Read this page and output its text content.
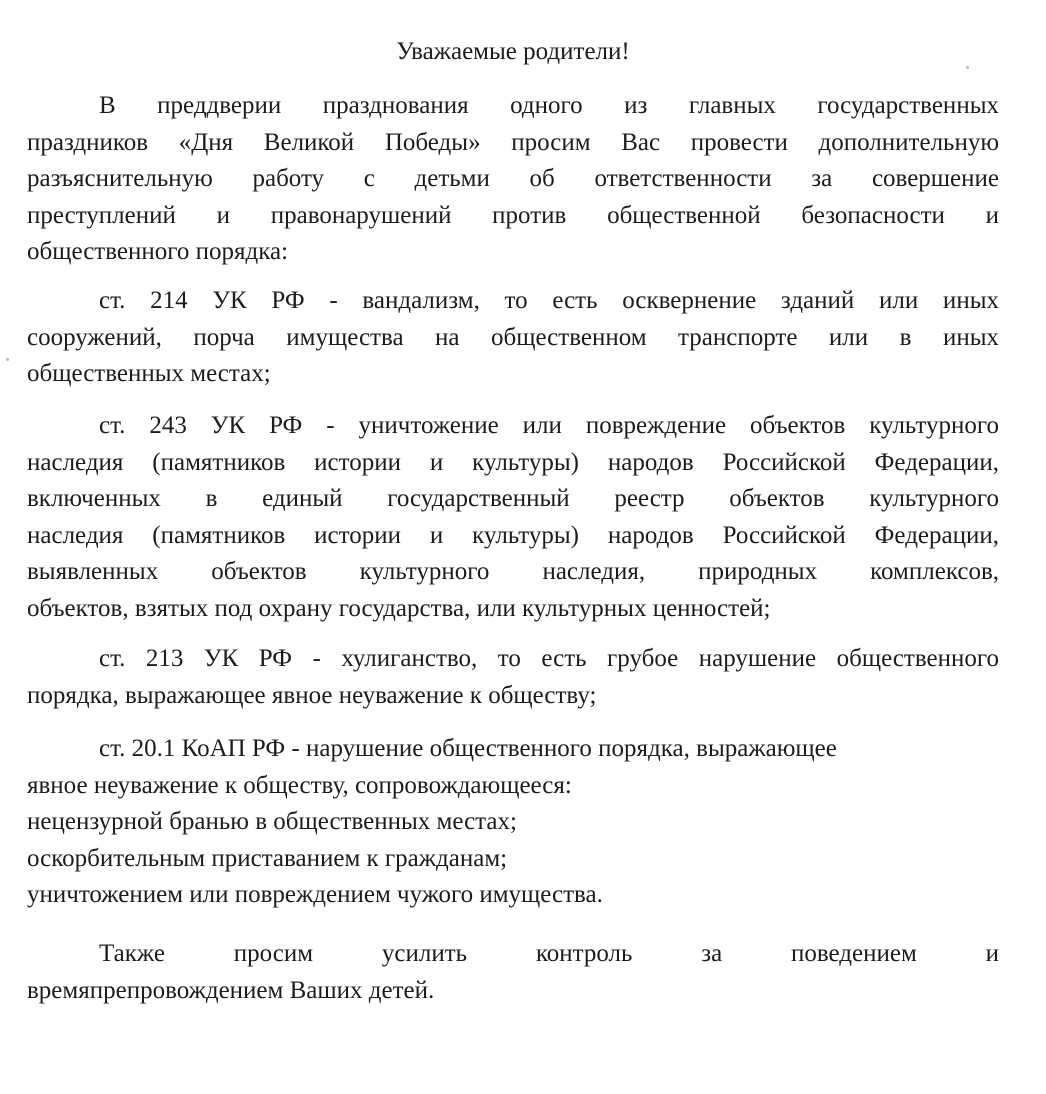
Уважаемые родители!
В преддверии празднования одного из главных государственных
праздников «Дня Великой Победы» просим Вас провести дополнительную
разъяснительную работу с детьми об ответственности за совершение
преступлений и правонарушений против общественной безопасности и
общественного порядка:
ст. 214 УК РФ - вандализм, то есть осквернение зданий или иных
сооружений, порча имущества на общественном транспорте или в иных
общественных местах;
ст. 243 УК РФ - уничтожение или повреждение объектов культурного
наследия (памятников истории и культуры) народов Российской Федерации,
включенных в единый государственный реестр объектов культурного
наследия (памятников истории и культуры) народов Российской Федерации,
выявленных объектов культурного наследия, природных комплексов,
объектов, взятых под охрану государства, или культурных ценностей;
ст. 213 УК РФ - хулиганство, то есть грубое нарушение общественного
порядка, выражающее явное неуважение к обществу;
ст. 20.1 КоАП РФ - нарушение общественного порядка, выражающее
явное неуважение к обществу, сопровождающееся:
нецензурной бранью в общественных местах;
оскорбительным приставанием к гражданам;
уничтожением или повреждением чужого имущества.
Также просим усилить контроль за поведением и
времяпрепровождением Ваших детей.
